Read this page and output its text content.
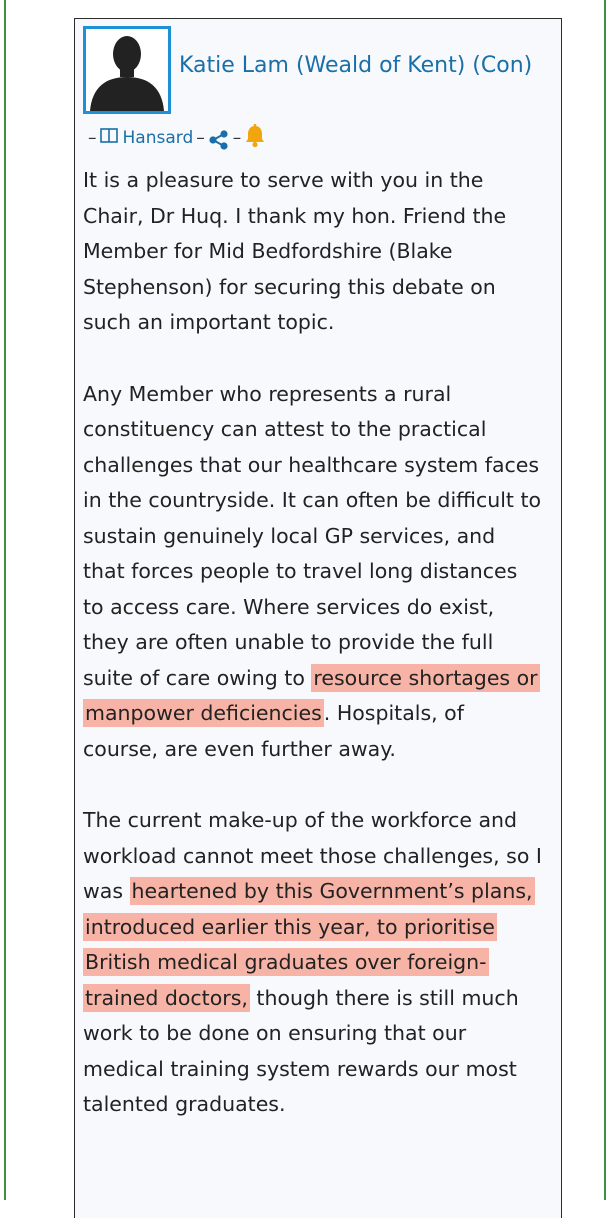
Katie Lam (Weald of Kent) (Con)
– Hansard – –

It is a pleasure to serve with you in the Chair, Dr Huq. I thank my hon. Friend the Member for Mid Bedfordshire (Blake Stephenson) for securing this debate on such an important topic.

Any Member who represents a rural constituency can attest to the practical challenges that our healthcare system faces in the countryside. It can often be difficult to sustain genuinely local GP services, and that forces people to travel long distances to access care. Where services do exist, they are often unable to provide the full suite of care owing to resource shortages or manpower deficiencies. Hospitals, of course, are even further away.

The current make-up of the workforce and workload cannot meet those challenges, so I was heartened by this Government’s plans, introduced earlier this year, to prioritise British medical graduates over foreign-trained doctors, though there is still much work to be done on ensuring that our medical training system rewards our most talented graduates.
